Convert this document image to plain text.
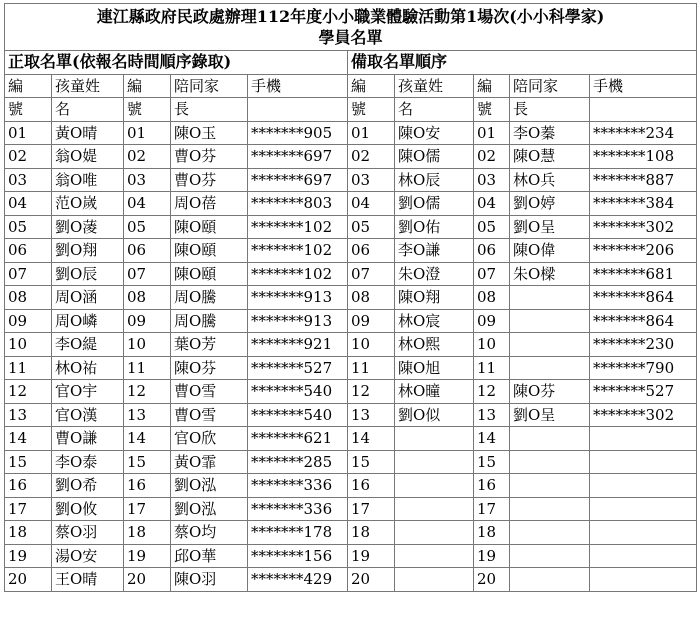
連江縣政府民政處辦理112年度小小職業體驗活動第1場次(小小科學家)
學員名單									

正取名單(依報名時間順序錄取)					備取名單順序				
編	孩童姓	編	陪同家	手機	編	孩童姓	編	陪同家	手機
號	名	號	長		號	名	號	長	
01	黃O晴	01	陳O玉	*******905	01	陳O安	01	李O蓁	*******234
02	翁O媞	02	曹O芬	*******697	02	陳O儒	02	陳O慧	*******108
03	翁O唯	03	曹O芬	*******697	03	林O辰	03	林O兵	*******887
04	范O嵗	04	周O蓓	*******803	04	劉O儒	04	劉O婷	*******384
05	劉O蓤	05	陳O頤	*******102	05	劉O佑	05	劉O呈	*******302
06	劉O翔	06	陳O頤	*******102	06	李O謙	06	陳O偉	*******206
07	劉O辰	07	陳O頤	*******102	07	朱O澄	07	朱O樑	*******681
08	周O涵	08	周O騰	*******913	08	陳O翔	08		*******864
09	周O嶙	09	周O騰	*******913	09	林O宸	09		*******864
10	李O緹	10	葉O芳	*******921	10	林O熙	10		*******230
11	林O祐	11	陳O芬	*******527	11	陳O旭	11		*******790
12	官O宇	12	曹O雪	*******540	12	林O曈	12	陳O芬	*******527
13	官O漢	13	曹O雪	*******540	13	劉O似	13	劉O呈	*******302
14	曹O謙	14	官O欣	*******621	14		14		
15	李O泰	15	黃O霏	*******285	15		15		
16	劉O希	16	劉O泓	*******336	16		16		
17	劉O攸	17	劉O泓	*******336	17		17		
18	蔡O羽	18	蔡O均	*******178	18		18		
19	湯O安	19	邱O華	*******156	19		19		
20	王O晴	20	陳O羽	*******429	20		20		
